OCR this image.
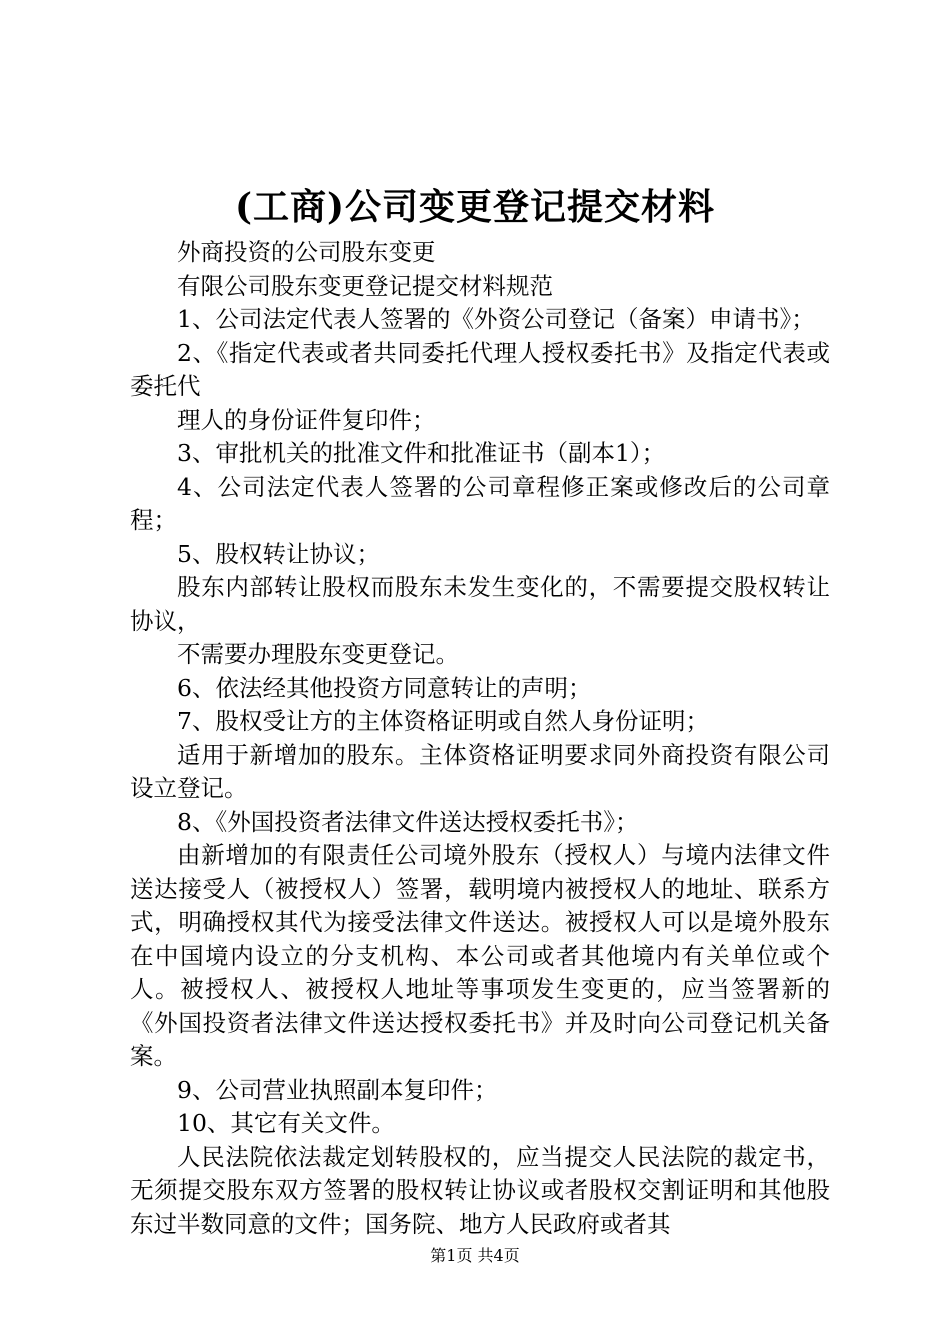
(工商)公司变更登记提交材料

外商投资的公司股东变更

有限公司股东变更登记提交材料规范

1、公司法定代表人签署的《外资公司登记（备案）申请书》；

2、《指定代表或者共同委托代理人授权委托书》及指定代表或委托代

理人的身份证件复印件；

3、审批机关的批准文件和批准证书（副本1）；

4、公司法定代表人签署的公司章程修正案或修改后的公司章程；

5、股权转让协议；

股东内部转让股权而股东未发生变化的，不需要提交股权转让协议，

不需要办理股东变更登记。

6、依法经其他投资方同意转让的声明；

7、股权受让方的主体资格证明或自然人身份证明；

适用于新增加的股东。主体资格证明要求同外商投资有限公司设立登记。

8、《外国投资者法律文件送达授权委托书》；

由新增加的有限责任公司境外股东（授权人）与境内法律文件送达接受人（被授权人）签署，载明境内被授权人的地址、联系方式，明确授权其代为接受法律文件送达。被授权人可以是境外股东在中国境内设立的分支机构、本公司或者其他境内有关单位或个人。被授权人、被授权人地址等事项发生变更的，应当签署新的《外国投资者法律文件送达授权委托书》并及时向公司登记机关备案。

9、公司营业执照副本复印件；

10、其它有关文件。

人民法院依法裁定划转股权的，应当提交人民法院的裁定书，无须提交股东双方签署的股权转让协议或者股权交割证明和其他股东过半数同意的文件；国务院、地方人民政府或者其

第1页 共4页
